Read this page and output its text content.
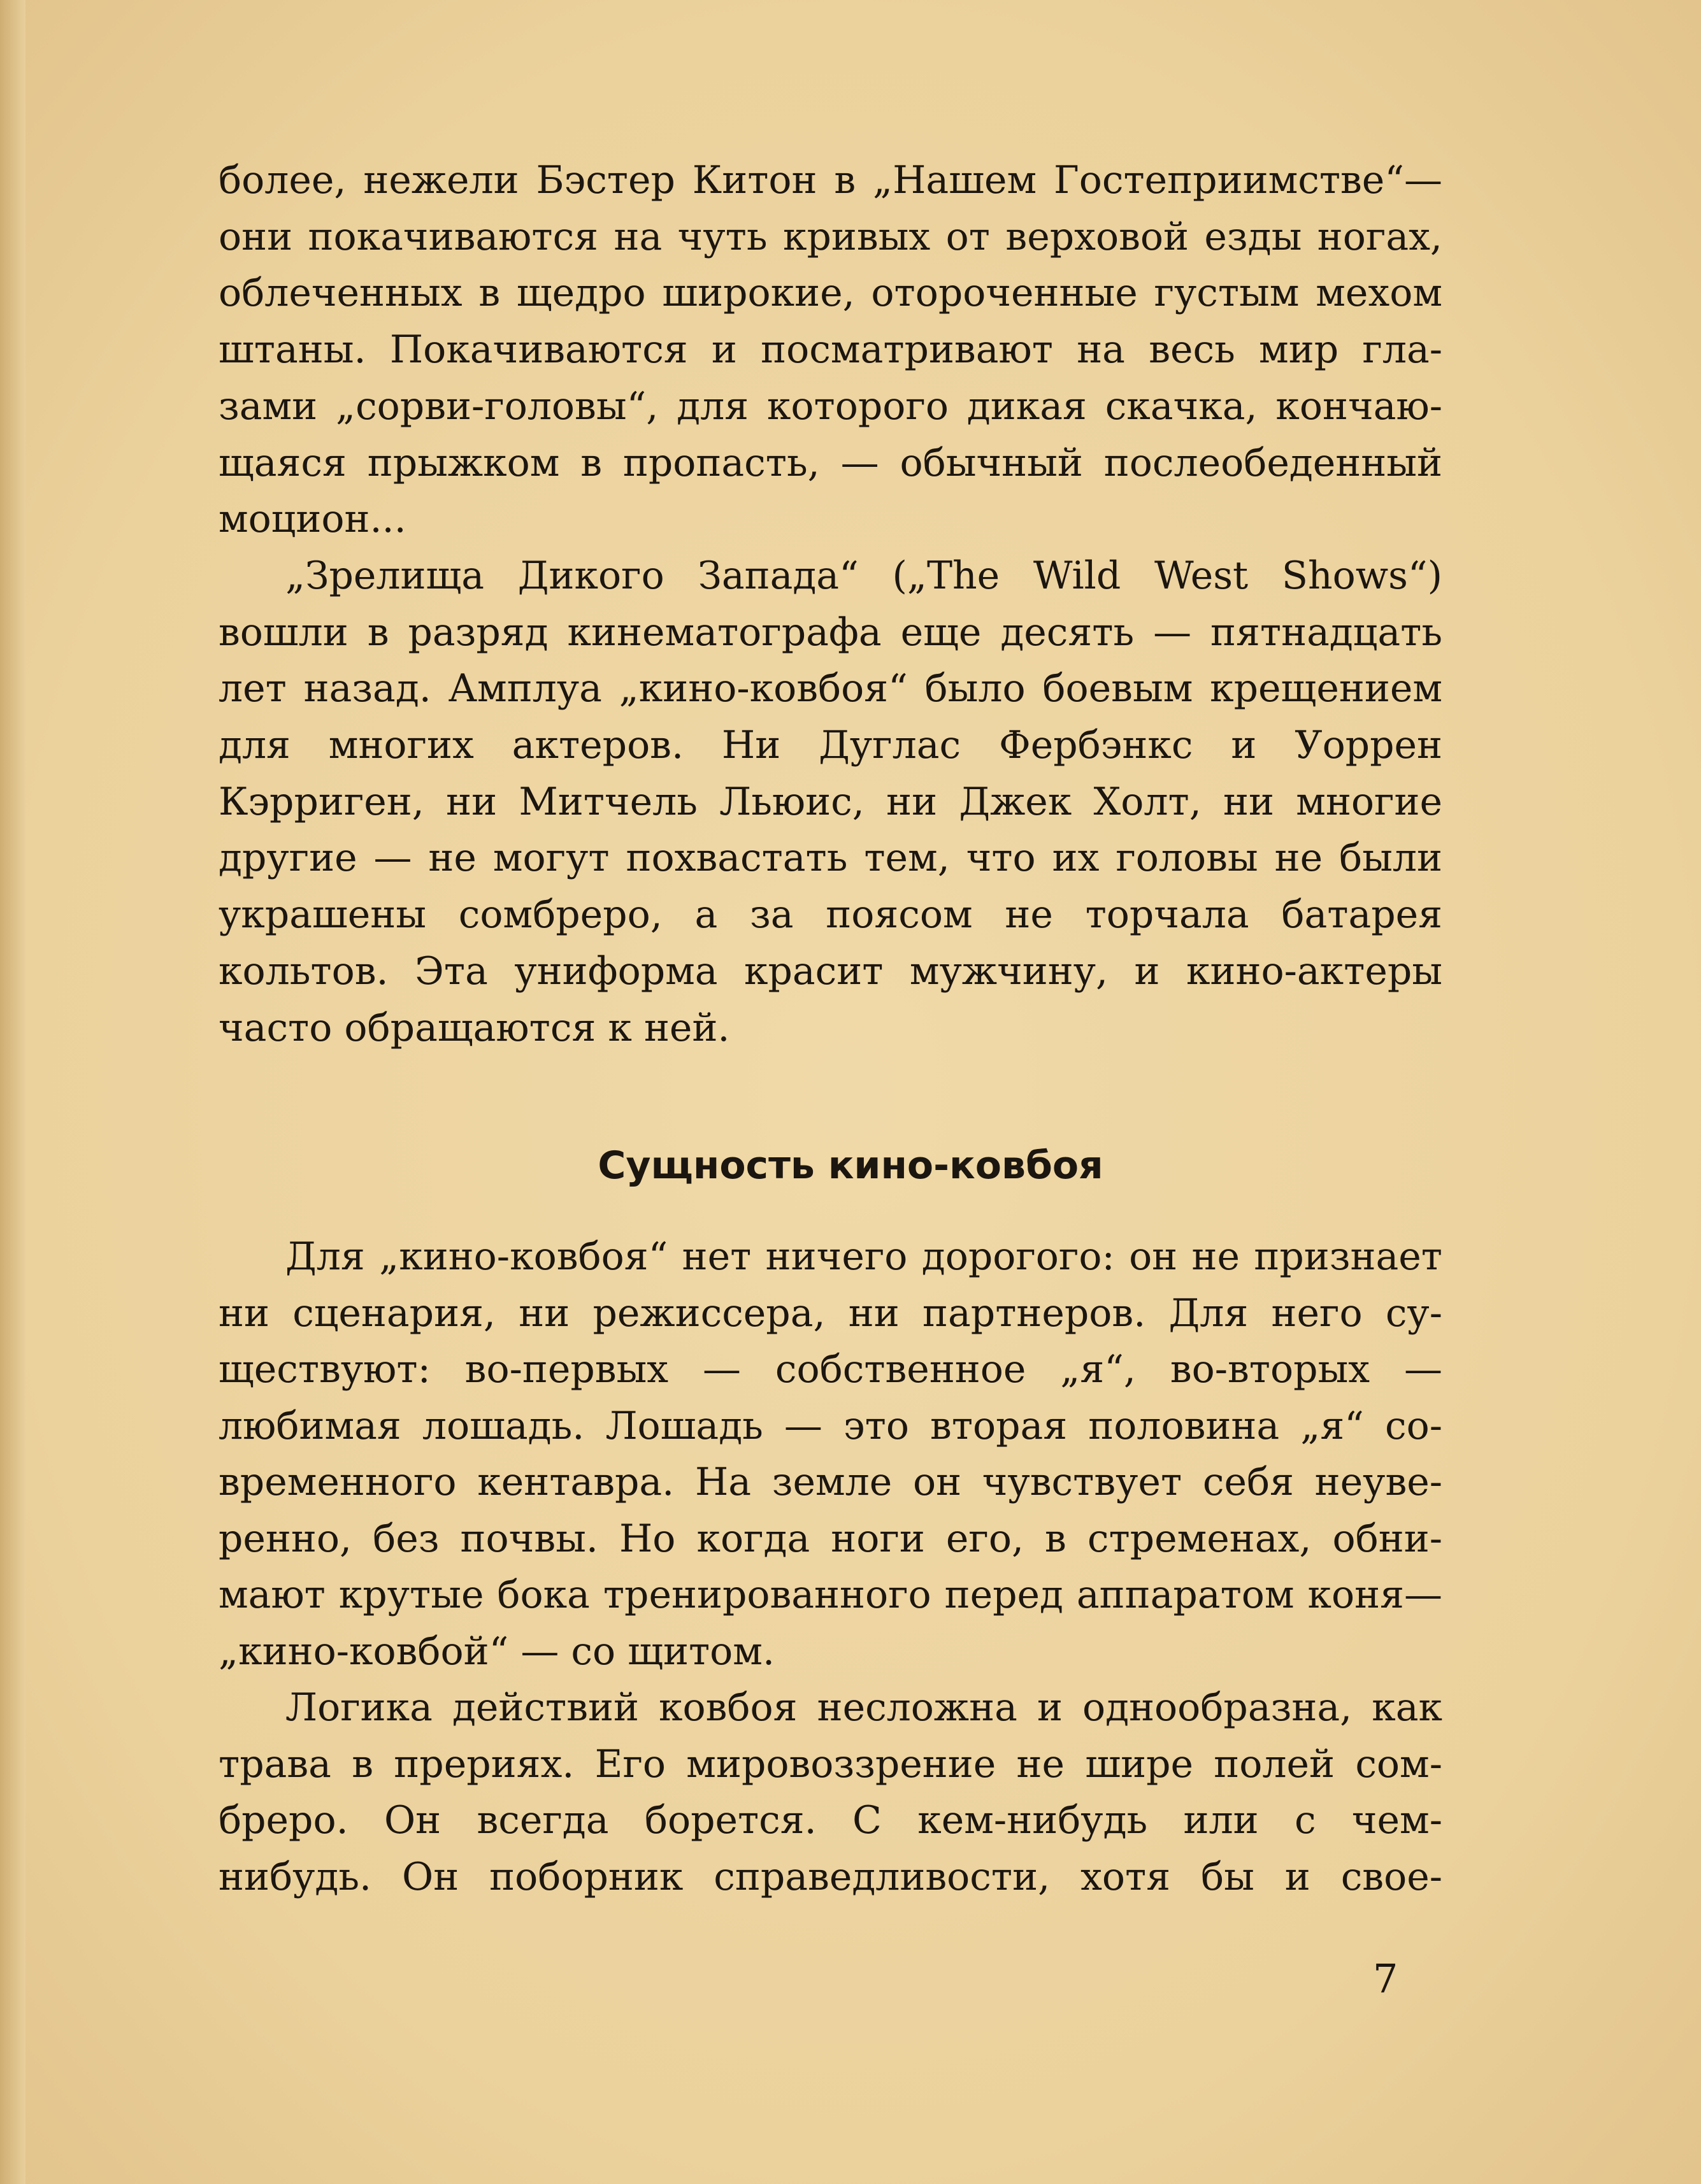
более, нежели Бэстер Китон в „Нашем Гостеприимстве“—
они покачиваются на чуть кривых от верховой езды ногах,
облеченных в щедро широкие, отороченные густым мехом
штаны. Покачиваются и посматривают на весь мир гла-
зами „сорви-головы“, для которого дикая скачка, кончаю-
щаяся прыжком в пропасть, — обычный послеобеденный
моцион...
„Зрелища Дикого Запада“ („The Wild West Shows“)
вошли в разряд кинематографа еще десять — пятнадцать
лет назад. Амплуа „кино-ковбоя“ было боевым крещением
для многих актеров. Ни Дуглас Фербэнкс и Уоррен
Кэрриген, ни Митчель Льюис, ни Джек Холт, ни многие
другие — не могут похвастать тем, что их головы не были
украшены сомбреро, а за поясом не торчала батарея
кольтов. Эта униформа красит мужчину, и кино-актеры
часто обращаются к ней.
Для „кино-ковбоя“ нет ничего дорогого: он не признает
ни сценария, ни режиссера, ни партнеров. Для него су-
ществуют: во-первых — собственное „я“, во-вторых —
любимая лошадь. Лошадь — это вторая половина „я“ со-
временного кентавра. На земле он чувствует себя неуве-
ренно, без почвы. Но когда ноги его, в стременах, обни-
мают крутые бока тренированного перед аппаратом коня—
„кино-ковбой“ — со щитом.
Логика действий ковбоя несложна и однообразна, как
трава в прериях. Его мировоззрение не шире полей сом-
бреро. Он всегда борется. С кем-нибудь или с чем-
нибудь. Он поборник справедливости, хотя бы и свое-
Сущность кино-ковбоя
7
